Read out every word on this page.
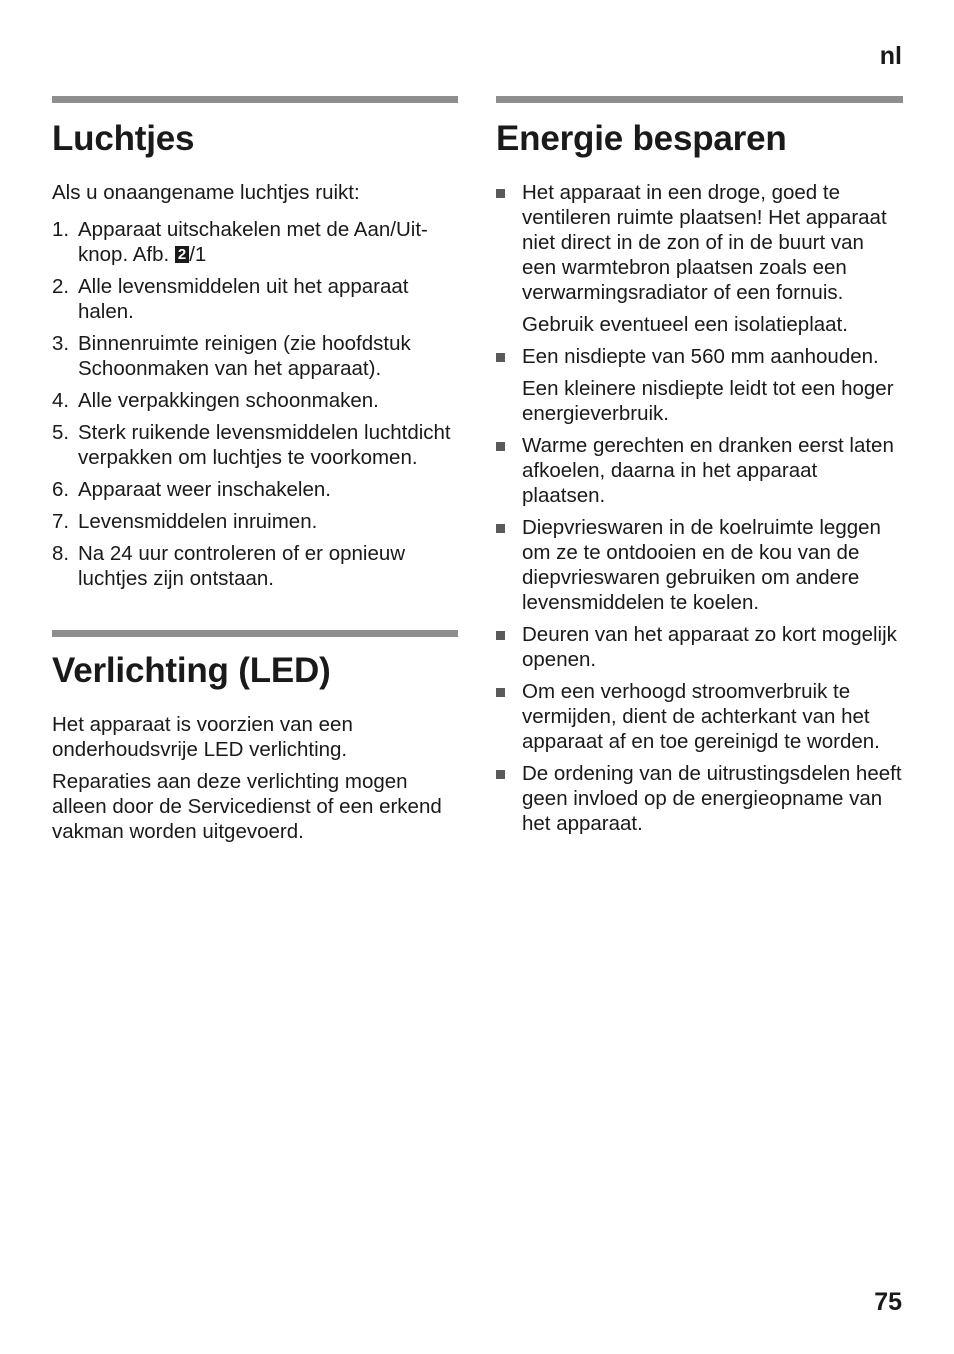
nl
Luchtjes

Als u onaangename luchtjes ruikt:

1. Apparaat uitschakelen met de Aan/Uit-knop. Afb. 2 /1
2. Alle levensmiddelen uit het apparaat halen.
3. Binnenruimte reinigen (zie hoofdstuk Schoonmaken van het apparaat).
4. Alle verpakkingen schoonmaken.
5. Sterk ruikende levensmiddelen luchtdicht verpakken om luchtjes te voorkomen.
6. Apparaat weer inschakelen.
7. Levensmiddelen inruimen.
8. Na 24 uur controleren of er opnieuw luchtjes zijn ontstaan.
Verlichting (LED)

Het apparaat is voorzien van een onderhoudsvrije LED verlichting.

Reparaties aan deze verlichting mogen alleen door de Servicedienst of een erkend vakman worden uitgevoerd.

Energie besparen

Het apparaat in een droge, goed te ventileren ruimte plaatsen! Het apparaat niet direct in de zon of in de buurt van een warmtebron plaatsen zoals een verwarmingsradiator of een fornuis.

Gebruik eventueel een isolatieplaat.

Een nisdiepte van 560 mm aanhouden.

Een kleinere nisdiepte leidt tot een hoger energieverbruik.

Warme gerechten en dranken eerst laten afkoelen, daarna in het apparaat plaatsen.

Diepvrieswaren in de koelruimte leggen om ze te ontdooien en de kou van de diepvrieswaren gebruiken om andere levensmiddelen te koelen.

Deuren van het apparaat zo kort mogelijk openen.

Om een verhoogd stroomverbruik te vermijden, dient de achterkant van het apparaat af en toe gereinigd te worden.

De ordening van de uitrustingsdelen heeft geen invloed op de energieopname van het apparaat.

75
